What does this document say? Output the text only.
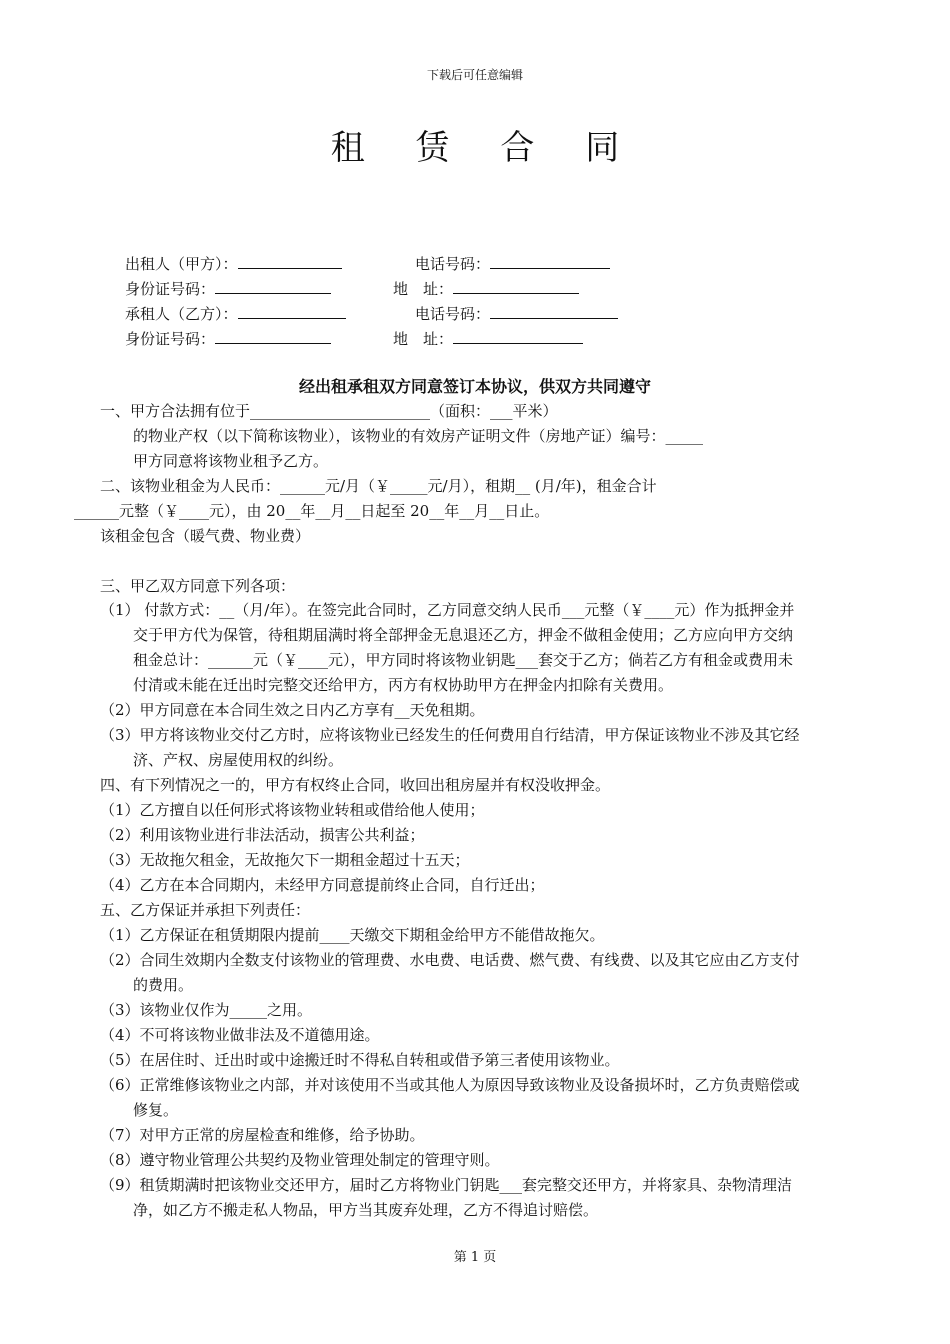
下载后可任意编辑
租 赁 合 同
出租人（甲方）：	电话号码：
身份证号码：	地　址：
承租人（乙方）：	电话号码：
身份证号码：	地　址：
经出租承租双方同意签订本协议，供双方共同遵守
一、甲方合法拥有位于________________________（面积：___平米）
的物业产权（以下简称该物业），该物业的有效房产证明文件（房地产证）编号：_____
甲方同意将该物业租予乙方。
二、该物业租金为人民币：______元/月（￥_____元/月），租期__ (月/年)，租金合计
______元整（￥____元），由 20__年__月__日起至 20__年__月__日止。
该租金包含（暖气费、物业费）
三、甲乙双方同意下列各项：
（1） 付款方式：__（月/年）。在签完此合同时，乙方同意交纳人民币___元整（￥____元）作为抵押金并
交于甲方代为保管，待租期届满时将全部押金无息退还乙方，押金不做租金使用；乙方应向甲方交纳
租金总计：______元（￥____元），甲方同时将该物业钥匙___套交于乙方；倘若乙方有租金或费用未
付清或未能在迁出时完整交还给甲方，丙方有权协助甲方在押金内扣除有关费用。
（2）甲方同意在本合同生效之日内乙方享有__天免租期。
（3）甲方将该物业交付乙方时，应将该物业已经发生的任何费用自行结清，甲方保证该物业不涉及其它经
济、产权、房屋使用权的纠纷。
四、有下列情况之一的，甲方有权终止合同，收回出租房屋并有权没收押金。
（1）乙方擅自以任何形式将该物业转租或借给他人使用；
（2）利用该物业进行非法活动，损害公共利益；
（3）无故拖欠租金，无故拖欠下一期租金超过十五天；
（4）乙方在本合同期内，未经甲方同意提前终止合同，自行迁出；
五、乙方保证并承担下列责任：
（1）乙方保证在租赁期限内提前____天缴交下期租金给甲方不能借故拖欠。
（2）合同生效期内全数支付该物业的管理费、水电费、电话费、燃气费、有线费、以及其它应由乙方支付
的费用。
（3）该物业仅作为_____之用。
（4）不可将该物业做非法及不道德用途。
（5）在居住时、迁出时或中途搬迁时不得私自转租或借予第三者使用该物业。
（6）正常维修该物业之内部，并对该使用不当或其他人为原因导致该物业及设备损坏时，乙方负责赔偿或
修复。
（7）对甲方正常的房屋检查和维修，给予协助。
（8）遵守物业管理公共契约及物业管理处制定的管理守则。
（9）租赁期满时把该物业交还甲方，届时乙方将物业门钥匙___套完整交还甲方，并将家具、杂物清理洁
净，如乙方不搬走私人物品，甲方当其废弃处理，乙方不得追讨赔偿。
第 1 页
